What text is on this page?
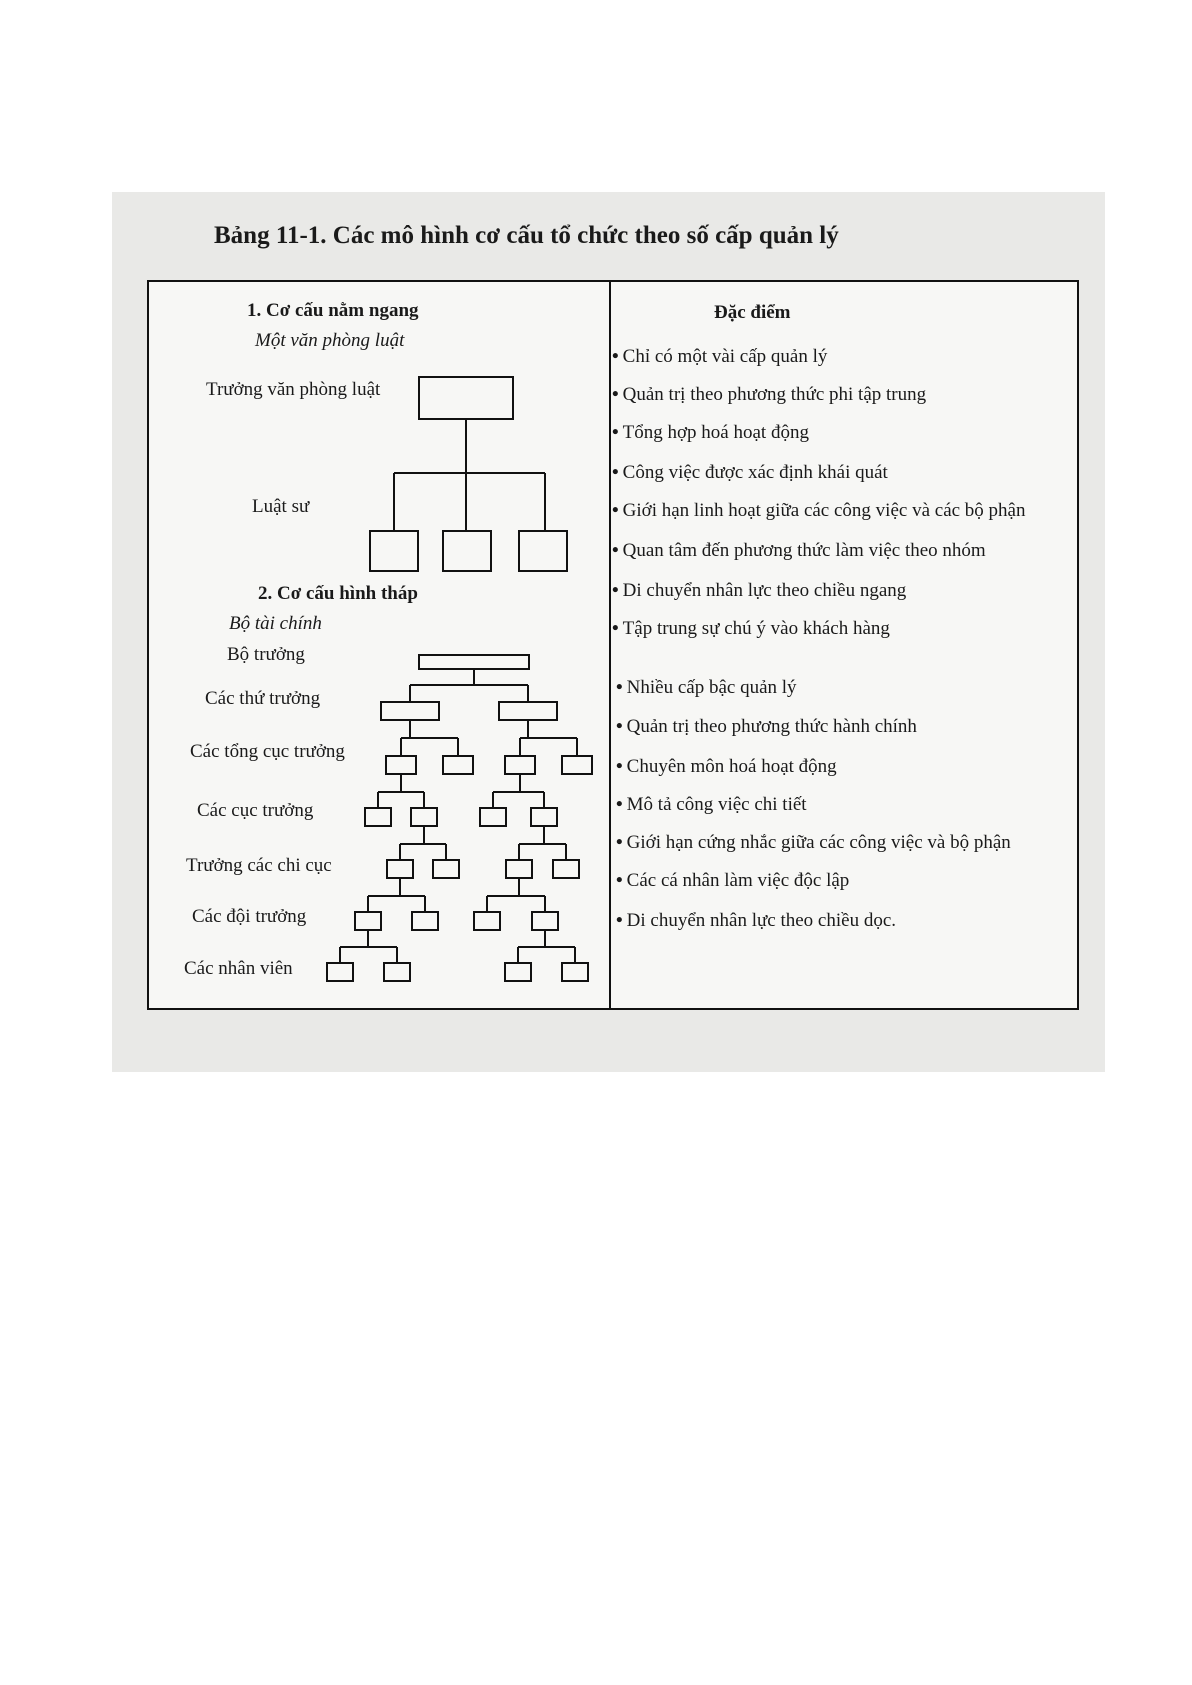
Bảng 11-1. Các mô hình cơ cấu tổ chức theo số cấp quản lý
1. Cơ cấu nằm ngang
Một văn phòng luật
Trưởng văn phòng luật
Luật sư
2. Cơ cấu hình tháp
Bộ tài chính
Bộ trưởng
Các thứ trưởng
Các tổng cục trưởng
Các cục trưởng
Trưởng các chi cục
Các đội trưởng
Các nhân viên
Đặc điểm
• Chỉ có một vài cấp quản lý
• Quản trị theo phương thức phi tập trung
• Tổng hợp hoá hoạt động
• Công việc được xác định khái quát
• Giới hạn linh hoạt giữa các công việc và các bộ phận
• Quan tâm đến phương thức làm việc theo nhóm
• Di chuyển nhân lực theo chiều ngang
• Tập trung sự chú ý vào khách hàng
• Nhiều cấp bậc quản lý
• Quản trị theo phương thức hành chính
• Chuyên môn hoá hoạt động
• Mô tả công việc chi tiết
• Giới hạn cứng nhắc giữa các công việc và bộ phận
• Các cá nhân làm việc độc lập
• Di chuyển nhân lực theo chiều dọc.
